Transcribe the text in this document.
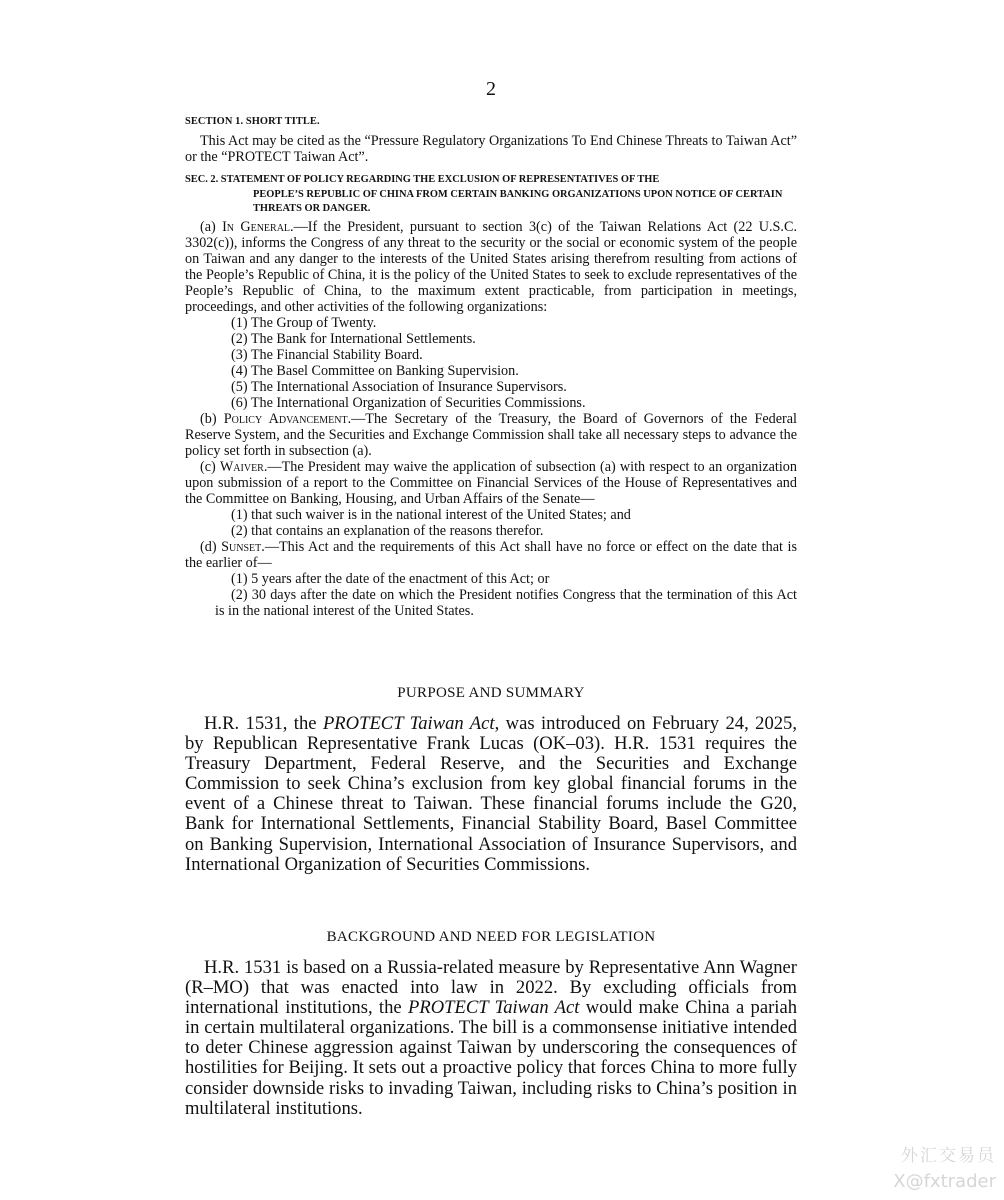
2
SECTION 1. SHORT TITLE.

This Act may be cited as the “Pressure Regulatory Organizations To End Chinese Threats to Taiwan Act” or the “PROTECT Taiwan Act”.

SEC. 2. STATEMENT OF POLICY REGARDING THE EXCLUSION OF REPRESENTATIVES OF THE
PEOPLE’S REPUBLIC OF CHINA FROM CERTAIN BANKING ORGANIZATIONS UPON NOTICE OF CERTAIN THREATS OR DANGER.

(a) In General.—If the President, pursuant to section 3(c) of the Taiwan Relations Act (22 U.S.C. 3302(c)), informs the Congress of any threat to the security or the social or economic system of the people on Taiwan and any danger to the interests of the United States arising therefrom resulting from actions of the People’s Republic of China, it is the policy of the United States to seek to exclude representatives of the People’s Republic of China, to the maximum extent practicable, from participation in meetings, proceedings, and other activities of the following organizations:

(1) The Group of Twenty.

(2) The Bank for International Settlements.

(3) The Financial Stability Board.

(4) The Basel Committee on Banking Supervision.

(5) The International Association of Insurance Supervisors.

(6) The International Organization of Securities Commissions.

(b) Policy Advancement.—The Secretary of the Treasury, the Board of Governors of the Federal Reserve System, and the Securities and Exchange Commission shall take all necessary steps to advance the policy set forth in subsection (a).

(c) Waiver.—The President may waive the application of subsection (a) with respect to an organization upon submission of a report to the Committee on Financial Services of the House of Representatives and the Committee on Banking, Housing, and Urban Affairs of the Senate—

(1) that such waiver is in the national interest of the United States; and

(2) that contains an explanation of the reasons therefor.

(d) Sunset.—This Act and the requirements of this Act shall have no force or effect on the date that is the earlier of—

(1) 5 years after the date of the enactment of this Act; or

(2) 30 days after the date on which the President notifies Congress that the termination of this Act is in the national interest of the United States.

PURPOSE AND SUMMARY

H.R. 1531, the PROTECT Taiwan Act, was introduced on February 24, 2025, by Republican Representative Frank Lucas (OK–03). H.R. 1531 requires the Treasury Department, Federal Reserve, and the Securities and Exchange Commission to seek China’s exclusion from key global financial forums in the event of a Chinese threat to Taiwan. These financial forums include the G20, Bank for International Settlements, Financial Stability Board, Basel Committee on Banking Supervision, International Association of Insurance Supervisors, and International Organization of Securities Commissions.

BACKGROUND AND NEED FOR LEGISLATION

H.R. 1531 is based on a Russia-related measure by Representative Ann Wagner (R–MO) that was enacted into law in 2022. By excluding officials from international institutions, the PROTECT Taiwan Act would make China a pariah in certain multilateral organizations. The bill is a commonsense initiative intended to deter Chinese aggression against Taiwan by underscoring the consequences of hostilities for Beijing. It sets out a proactive policy that forces China to more fully consider downside risks to invading Taiwan, including risks to China’s position in multilateral institutions.

外汇交易员
X@fxtrader
